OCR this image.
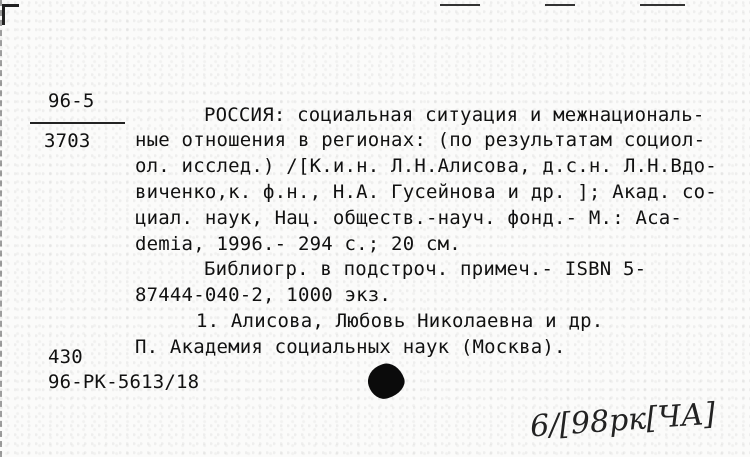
96-5
3703
РОССИЯ: социальная ситуация и межнациональ-
ные отношения в регионах: (по результатам социол-
ол. исслед.) /[К.и.н. Л.Н.Алисова, д.с.н. Л.Н.Вдо-
виченко,к. ф.н., Н.А. Гусейнова и др. ]; Акад. со-
циал. наук, Нац. обществ.-науч. фонд.- М.: Aca-
demia, 1996.- 294 с.; 20 см.
Библиогр. в подстроч. примеч.- ISBN 5-
87444-040-2, 1000 экз.
1. Алисова, Любовь Николаевна и др.
П. Академия социальных наук (Москва).
430
96-РК-5613/18
6/[98рк[ЧА]
